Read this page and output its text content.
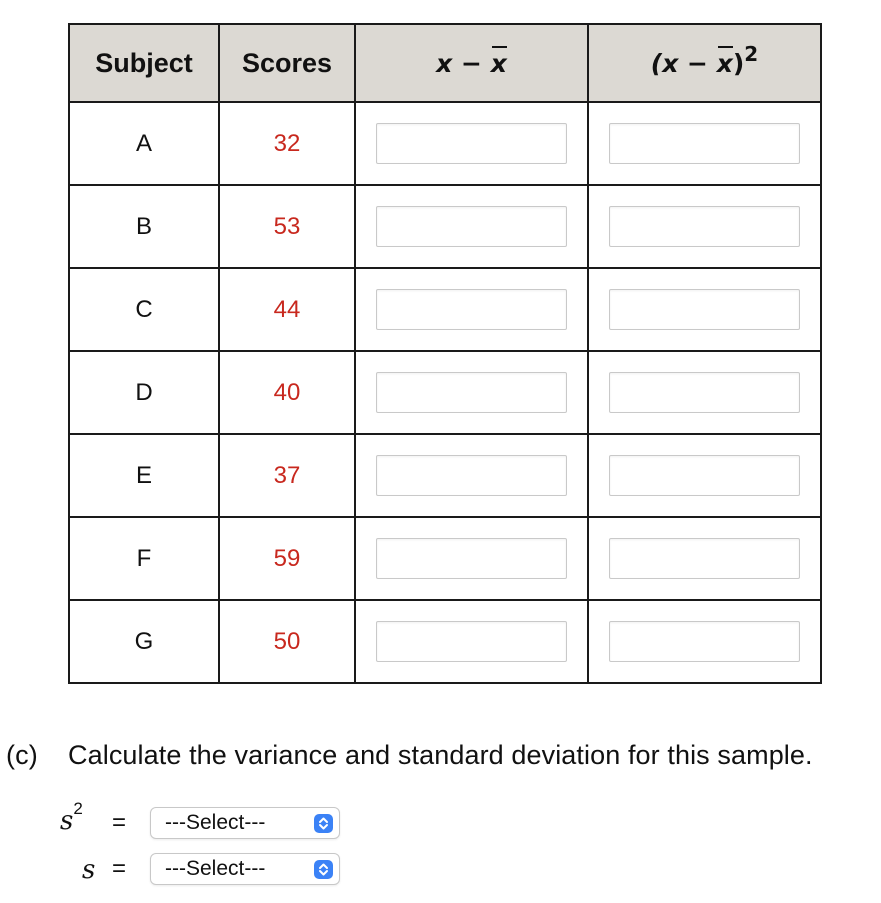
Subject	Scores	x − x	$(x - x)^2$
A	32	

B	53	

C	44	

D	40	

E	37	

F	59	

G	50	

(c) Calculate the variance and standard deviation for this sample.
$s^2$
=	---Select---
s =	---Select---
